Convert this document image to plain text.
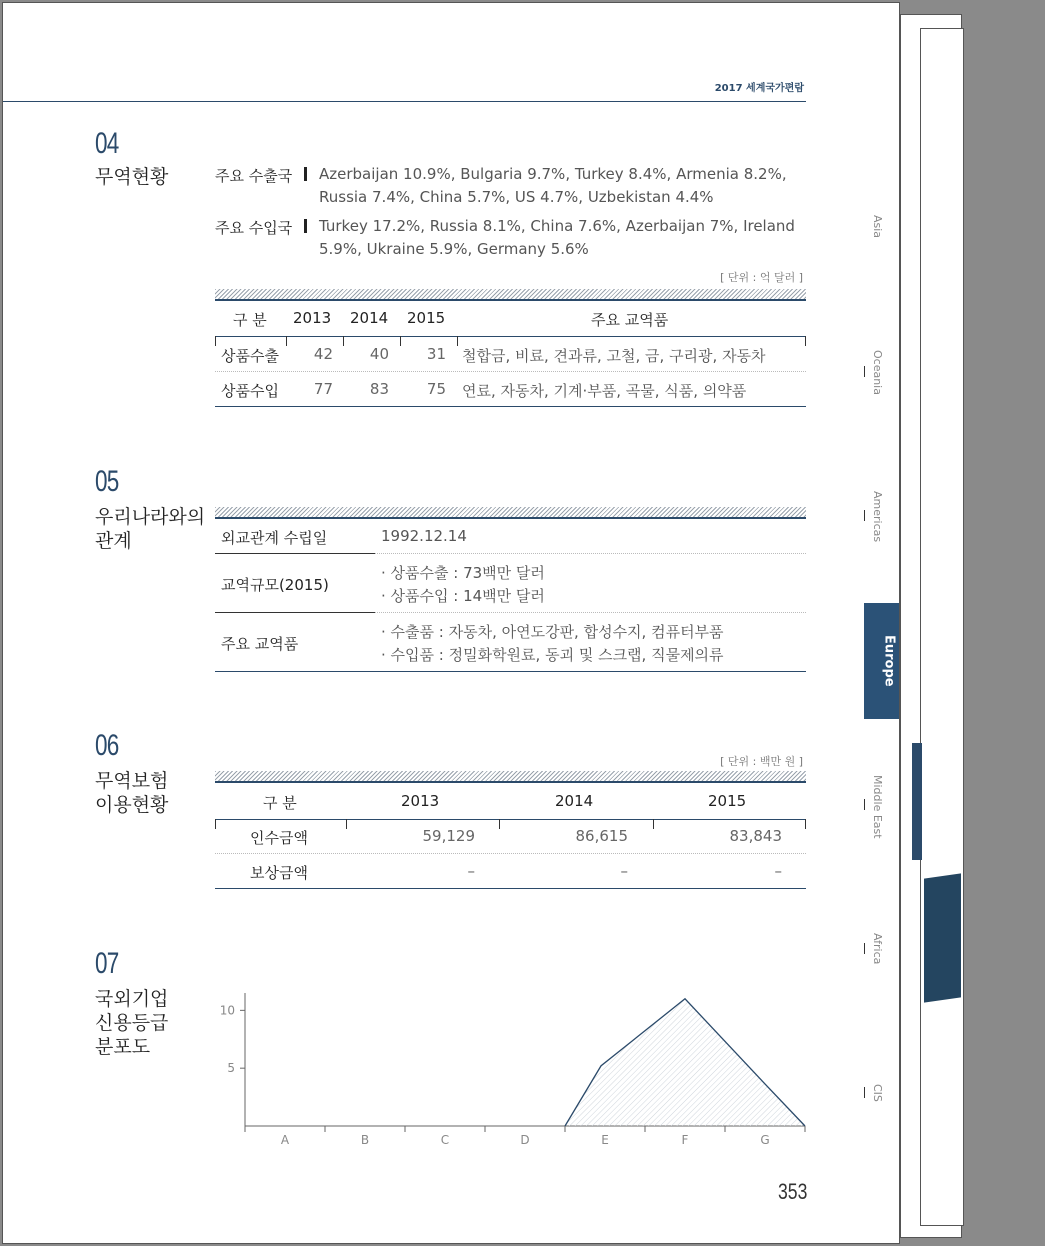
2017 세계국가편람
04
무역현황	주요 수출국 Azerbaijan 10.9%, Bulgaria 9.7%, Turkey 8.4%, Armenia 8.2%, Russia 7.4%, China 5.7%, US 4.7%, Uzbekistan 4.4%
주요 수입국 Turkey 17.2%, Russia 8.1%, China 7.6%, Azerbaijan 7%, Ireland 5.9%, Ukraine 5.9%, Germany 5.6%
[ 단위 : 억 달러 ]
구 분 2013 2014 2015	주요 교역품
상품수출	42	40	31 철합금, 비료, 견과류, 고철, 금, 구리광, 자동차
상품수입	77	83	75 연료, 자동차, 기계·부품, 곡물, 식품, 의약품
05
우리나라와의
관계	외교관계 수립일	1992.12.14
교역규모(2015)
· 상품수출 : 73백만 달러
· 상품수입 : 14백만 달러
주요 교역품
· 수출품 : 자동차, 아연도강판, 합성수지, 컴퓨터부품
· 수입품 : 정밀화학원료, 동괴 및 스크랩, 직물제의류
06
무역보험
이용현황
[ 단위 : 백만 원 ]
구 분	2013	2014	2015
인수금액	59,129	86,615	83,843
보상금액	–	–	–
07
국외기업
신용등급
분포도
10
5
A	B	C	D	E	F	G
Asia
Oceania
Americas
Europe
Middle East
Africa
CIS
353
